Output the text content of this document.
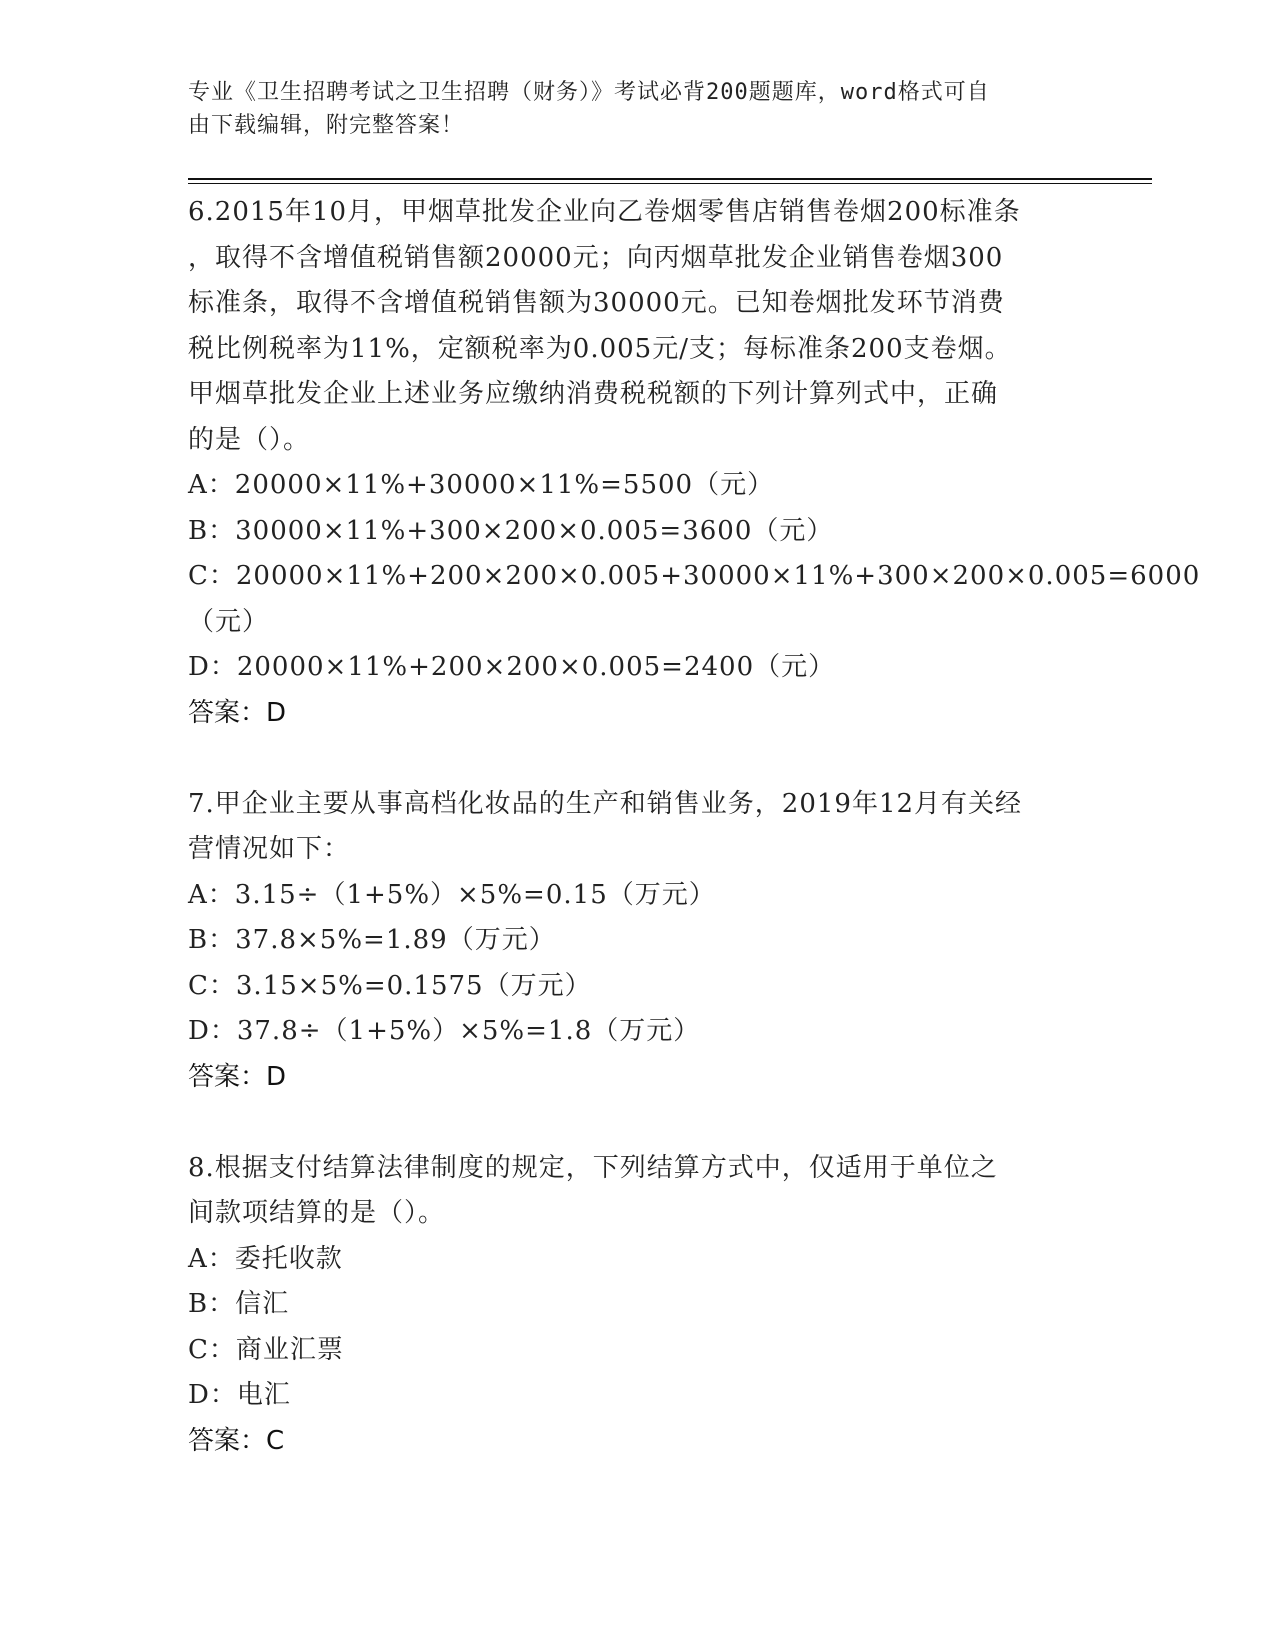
专业《卫生招聘考试之卫生招聘（财务）》考试必背200题题库，word格式可自
由下载编辑，附完整答案！
6.2015年10月，甲烟草批发企业向乙卷烟零售店销售卷烟200标准条
，取得不含增值税销售额20000元；向丙烟草批发企业销售卷烟300
标准条，取得不含增值税销售额为30000元。已知卷烟批发环节消费
税比例税率为11%，定额税率为0.005元/支；每标准条200支卷烟。
甲烟草批发企业上述业务应缴纳消费税税额的下列计算列式中，正确
的是（）。
A：20000×11%+30000×11%=5500（元）
B：30000×11%+300×200×0.005=3600（元）
C：20000×11%+200×200×0.005+30000×11%+300×200×0.005=6000
（元）
D：20000×11%+200×200×0.005=2400（元）
答案：D
7.甲企业主要从事高档化妆品的生产和销售业务，2019年12月有关经
营情况如下：
A：3.15÷（1+5%）×5%=0.15（万元）
B：37.8×5%=1.89（万元）
C：3.15×5%=0.1575（万元）
D：37.8÷（1+5%）×5%=1.8（万元）
答案：D
8.根据支付结算法律制度的规定，下列结算方式中，仅适用于单位之
间款项结算的是（）。
A：委托收款
B：信汇
C：商业汇票
D：电汇
答案：C
